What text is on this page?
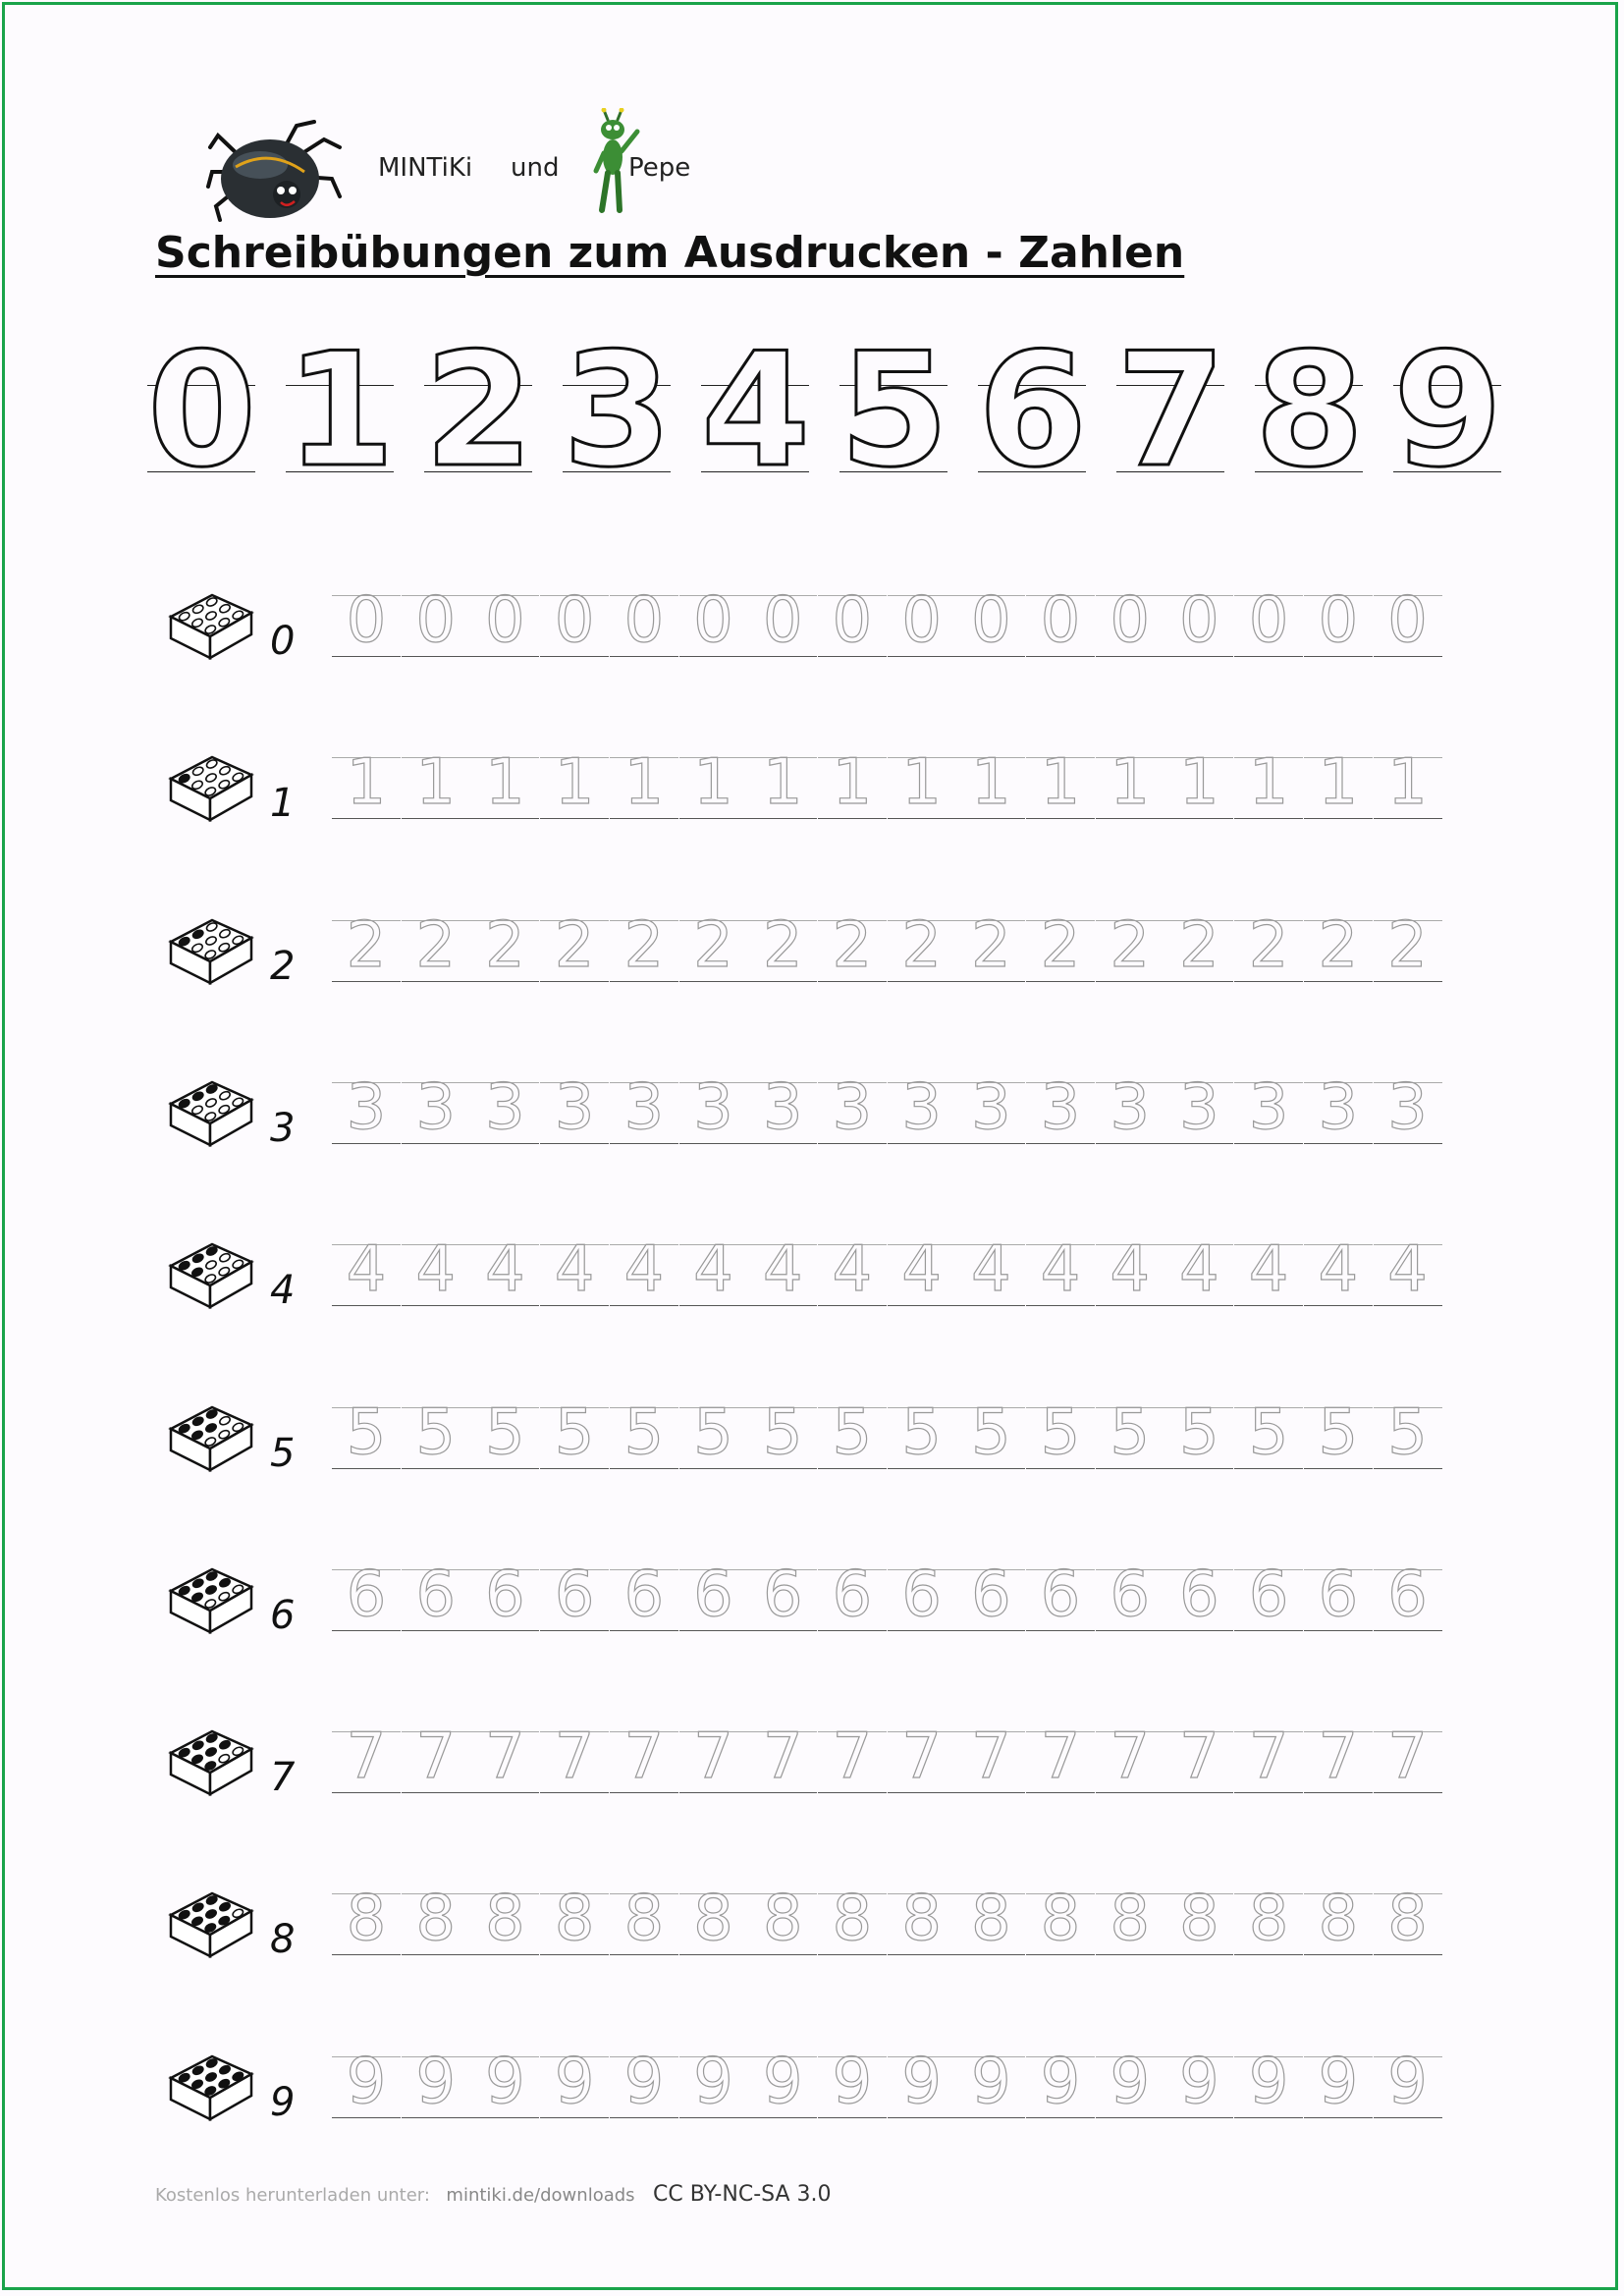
MINTiKi und	Pepe
Schreibübungen zum Ausdrucken - Zahlen
0 1 2 3 4 5 6 7 8 9
0 0 0 0 0 0 0 0 0 0 0 0 0 0 0 0 0
1 1 1 1 1 1 1 1 1 1 1 1 1 1 1 1 1
2 2 2 2 2 2 2 2 2 2 2 2 2 2 2 2 2
3 3 3 3 3 3 3 3 3 3 3 3 3 3 3 3 3
4 4 4 4 4 4 4 4 4 4 4 4 4 4 4 4 4
5 5 5 5 5 5 5 5 5 5 5 5 5 5 5 5 5
6 6 6 6 6 6 6 6 6 6 6 6 6 6 6 6 6
7 7 7 7 7 7 7 7 7 7 7 7 7 7 7 7 7
8 8 8 8 8 8 8 8 8 8 8 8 8 8 8 8 8
9 9 9 9 9 9 9 9 9 9 9 9 9 9 9 9 9
Kostenlos herunterladen unter: mintiki.de/downloads CC BY-NC-SA 3.0
